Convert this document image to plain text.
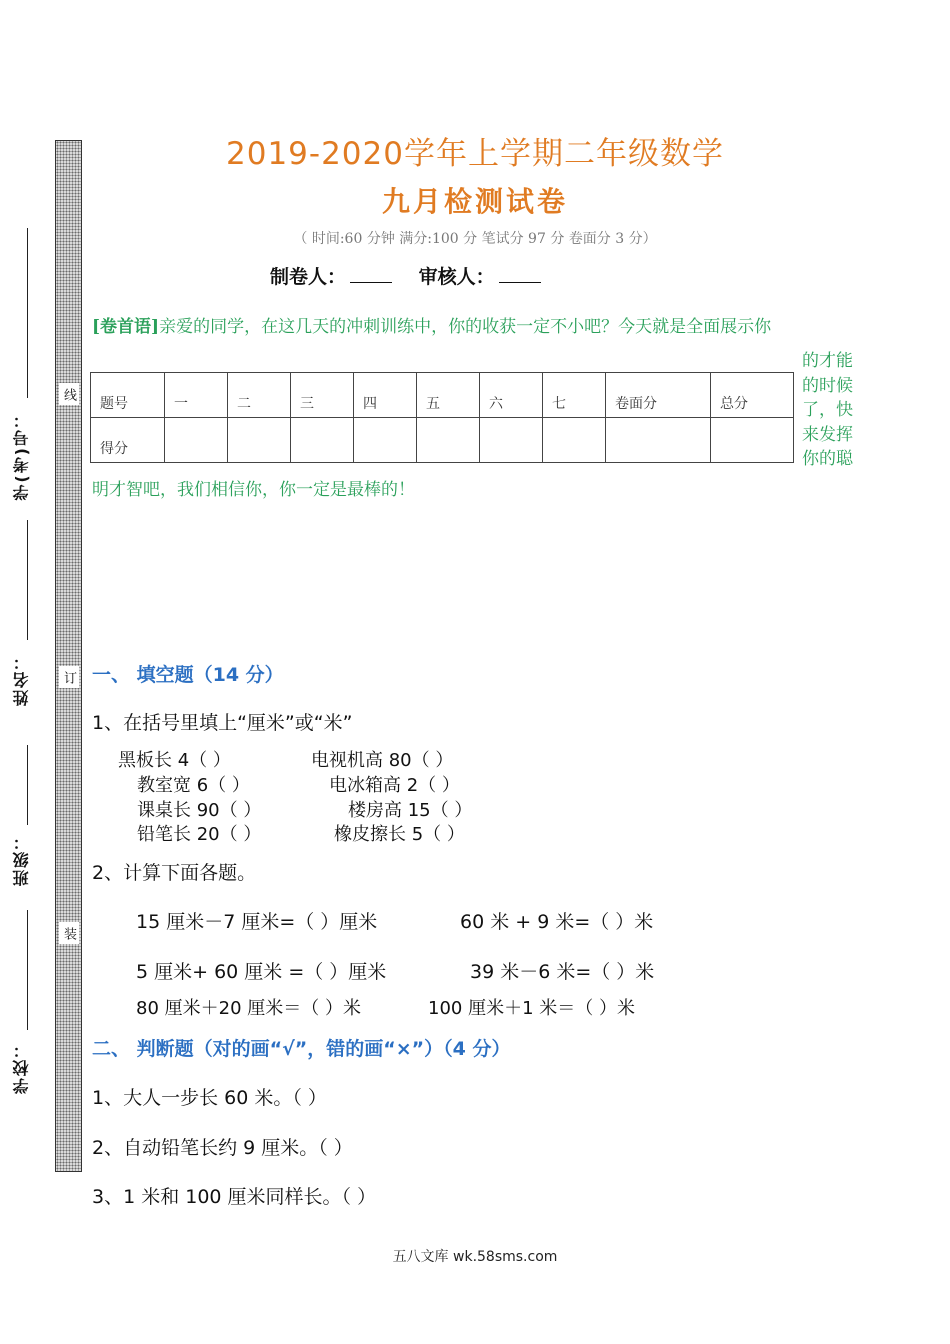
学(考)号：
姓名：
班级：
学校：
线
订
装
2019-2020学年上学期二年级数学
九月检测试卷
（ 时间:60 分钟 满分:100 分 笔试分 97 分 卷面分 3 分）
制卷人：	审核人：
[卷首语]亲爱的同学，在这几天的冲刺训练中，你的收获一定不小吧？今天就是全面展示你
的才能
的时候
了，快
来发挥
你的聪
明才智吧，我们相信你，你一定是最棒的！
题号	一	二	三	四	五	六	七	卷面分	总分
得分									
一、 填空题（14 分）
1、在括号里填上“厘米”或“米”
黑板长 4（ ）	电视机高 80（ ）
教室宽 6（ ）	电冰箱高 2（ ）
课桌长 90（ ）	楼房高 15（ ）
铅笔长 20（ ）	橡皮擦长 5（ ）
2、计算下面各题。
15 厘米－7 厘米=（ ）厘米	60 米 + 9 米=（ ）米
5 厘米+ 60 厘米 =（ ）厘米	39 米－6 米=（ ）米
80 厘米＋20 厘米＝（ ）米	100 厘米＋1 米＝（ ）米
二、 判断题（对的画“√”，错的画“×”）（4 分）
1、大人一步长 60 米。（ ）
2、自动铅笔长约 9 厘米。（ ）
3、1 米和 100 厘米同样长。（ ）
五八文库 wk.58sms.com
